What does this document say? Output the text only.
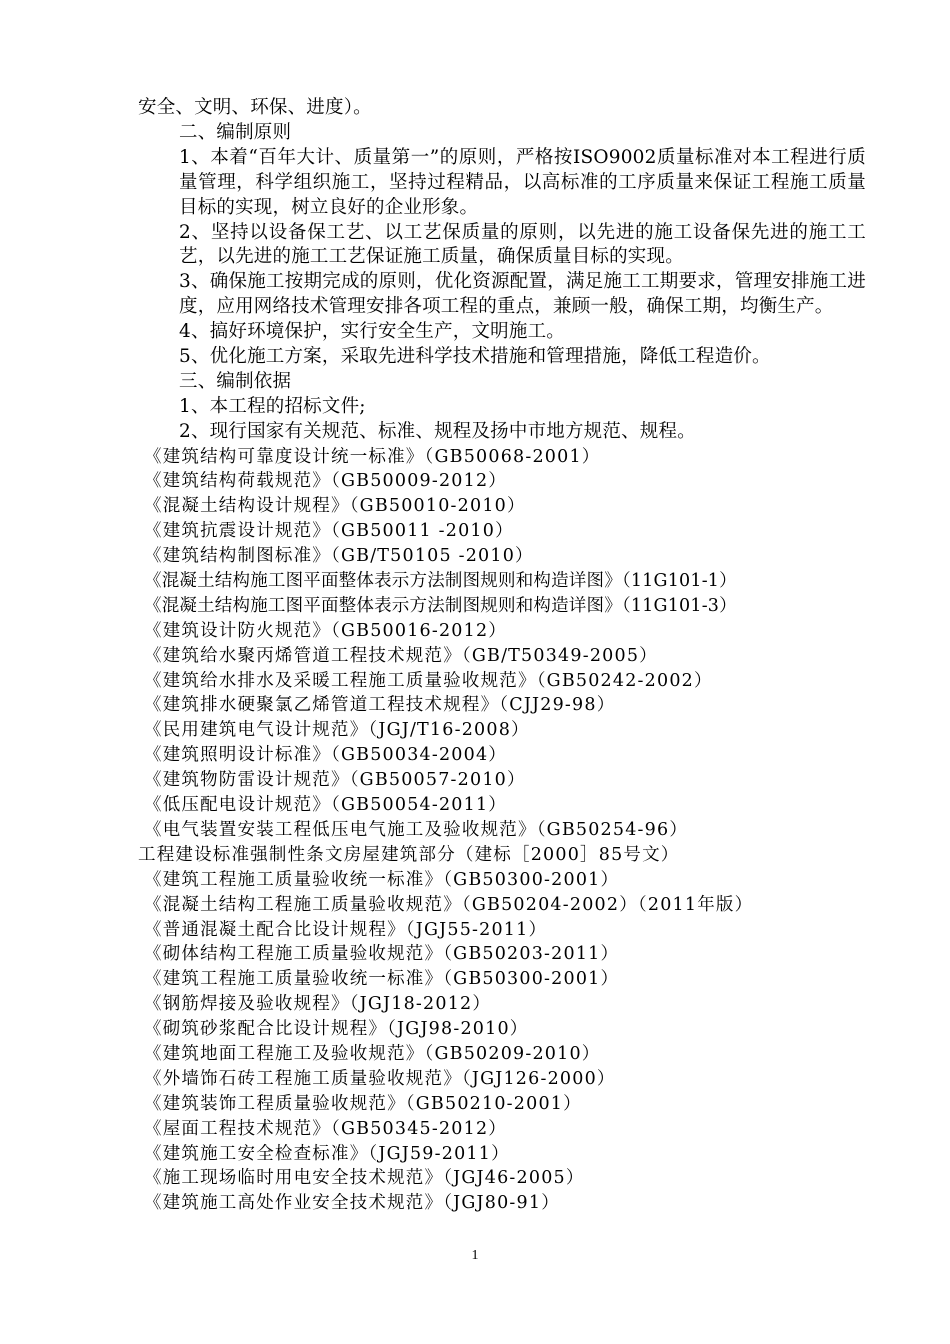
安全、文明、环保、进度）。
二、编制原则
1、本着“百年大计、质量第一”的原则，严格按ISO9002质量标准对本工程进行质量管理，科学组织施工，坚持过程精品，以高标准的工序质量来保证工程施工质量目标的实现，树立良好的企业形象。
2、坚持以设备保工艺、以工艺保质量的原则，以先进的施工设备保先进的施工工艺，以先进的施工工艺保证施工质量，确保质量目标的实现。
3、确保施工按期完成的原则，优化资源配置，满足施工工期要求，管理安排施工进度，应用网络技术管理安排各项工程的重点，兼顾一般，确保工期，均衡生产。
4、搞好环境保护，实行安全生产，文明施工。
5、优化施工方案，采取先进科学技术措施和管理措施，降低工程造价。
三、编制依据
1、本工程的招标文件;
2、现行国家有关规范、标准、规程及扬中市地方规范、规程。
《建筑结构可靠度设计统一标准》（GB50068-2001）
《建筑结构荷载规范》（GB50009-2012）
《混凝土结构设计规程》（GB50010-2010）
《建筑抗震设计规范》（GB50011 -2010）
《建筑结构制图标准》（GB/T50105 -2010）
《混凝土结构施工图平面整体表示方法制图规则和构造详图》（11G101-1）
《混凝土结构施工图平面整体表示方法制图规则和构造详图》（11G101-3）
《建筑设计防火规范》（GB50016-2012）
《建筑给水聚丙烯管道工程技术规范》（GB/T50349-2005）
《建筑给水排水及采暖工程施工质量验收规范》（GB50242-2002）
《建筑排水硬聚氯乙烯管道工程技术规程》（CJJ29-98）
《民用建筑电气设计规范》（JGJ/T16-2008）
《建筑照明设计标准》（GB50034-2004）
《建筑物防雷设计规范》（GB50057-2010）
《低压配电设计规范》（GB50054-2011）
《电气装置安装工程低压电气施工及验收规范》（GB50254-96）
工程建设标准强制性条文房屋建筑部分（建标［2000］85号文）
《建筑工程施工质量验收统一标准》（GB50300-2001）
《混凝土结构工程施工质量验收规范》（GB50204-2002）（2011年版）
《普通混凝土配合比设计规程》（JGJ55-2011）
《砌体结构工程施工质量验收规范》（GB50203-2011）
《建筑工程施工质量验收统一标准》（GB50300-2001）
《钢筋焊接及验收规程》（JGJ18-2012）
《砌筑砂浆配合比设计规程》（JGJ98-2010）
《建筑地面工程施工及验收规范》（GB50209-2010）
《外墙饰石砖工程施工质量验收规范》（JGJ126-2000）
《建筑装饰工程质量验收规范》（GB50210-2001）
《屋面工程技术规范》（GB50345-2012）
《建筑施工安全检查标准》（JGJ59-2011）
《施工现场临时用电安全技术规范》（JGJ46-2005）
《建筑施工高处作业安全技术规范》（JGJ80-91）
1
